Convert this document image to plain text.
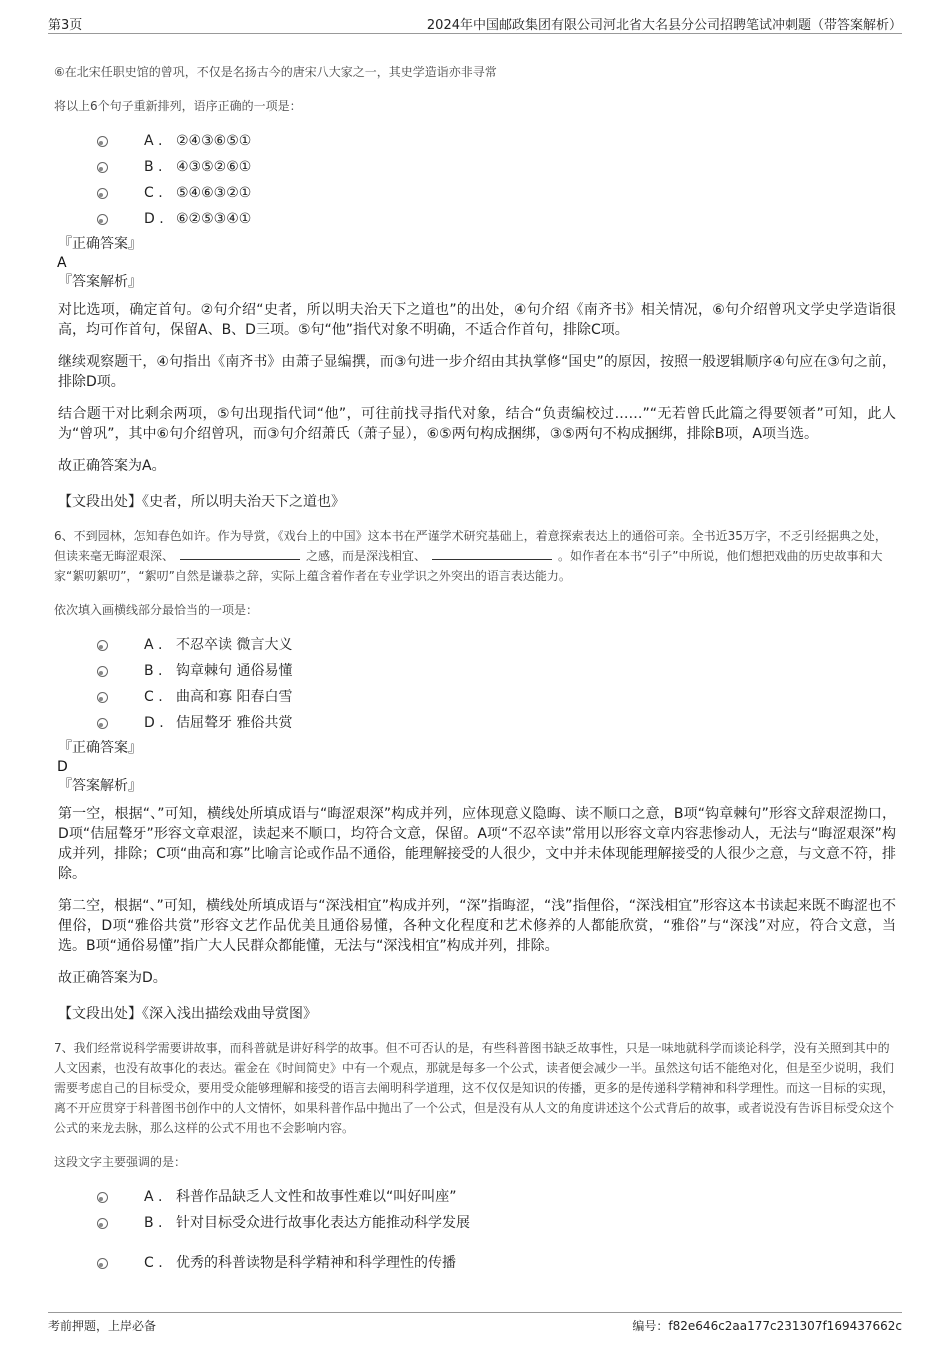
第3页	2024年中国邮政集团有限公司河北省大名县分公司招聘笔试冲刺题（带答案解析）
⑥在北宋任职史馆的曾巩，不仅是名扬古今的唐宋八大家之一，其史学造诣亦非寻常
将以上6个句子重新排列，语序正确的一项是：
A . ②④③⑥⑤①
B . ④③⑤②⑥①
C . ⑤④⑥③②①
D . ⑥②⑤③④①
『正确答案』
A
『答案解析』
对比选项，确定首句。②句介绍“史者，所以明夫治天下之道也”的出处，④句介绍《南齐书》相关情况，⑥句介绍曾巩文学史学造诣很高，均可作首句，保留A、B、D三项。⑤句“他”指代对象不明确，不适合作首句，排除C项。
继续观察题干，④句指出《南齐书》由萧子显编撰，而③句进一步介绍由其执掌修“国史”的原因，按照一般逻辑顺序④句应在③句之前，排除D项。
结合题干对比剩余两项，⑤句出现指代词“他”，可往前找寻指代对象，结合“负责编校过……”“无若曾氏此篇之得要领者”可知，此人为“曾巩”，其中⑥句介绍曾巩，而③句介绍萧氏（萧子显），⑥⑤两句构成捆绑，③⑤两句不构成捆绑，排除B项，A项当选。
故正确答案为A。
【文段出处】《史者，所以明夫治天下之道也》
6、不到园林，怎知春色如许。作为导赏，《戏台上的中国》这本书在严谨学术研究基础上，着意探索表达上的通俗可亲。全书近35万字，不乏引经据典之处，但读来毫无晦涩艰深、	之感，而是深浅相宜、	。如作者在本书“引子”中所说，他们想把戏曲的历史故事和大家“絮叨絮叨”，“絮叨”自然是谦恭之辞，实际上蕴含着作者在专业学识之外突出的语言表达能力。
依次填入画横线部分最恰当的一项是：
A . 不忍卒读 微言大义
B . 钩章棘句 通俗易懂
C . 曲高和寡 阳春白雪
D . 佶屈聱牙 雅俗共赏
『正确答案』
D
『答案解析』
第一空，根据“、”可知，横线处所填成语与“晦涩艰深”构成并列，应体现意义隐晦、读不顺口之意，B项“钩章棘句”形容文辞艰涩拗口，D项“佶屈聱牙”形容文章艰涩，读起来不顺口，均符合文意，保留。A项“不忍卒读”常用以形容文章内容悲惨动人，无法与“晦涩艰深”构成并列，排除；C项“曲高和寡”比喻言论或作品不通俗，能理解接受的人很少，文中并未体现能理解接受的人很少之意，与文意不符，排除。
第二空，根据“、”可知，横线处所填成语与“深浅相宜”构成并列，“深”指晦涩，“浅”指俚俗，“深浅相宜”形容这本书读起来既不晦涩也不俚俗，D项“雅俗共赏”形容文艺作品优美且通俗易懂，各种文化程度和艺术修养的人都能欣赏，“雅俗”与“深浅”对应，符合文意，当选。B项“通俗易懂”指广大人民群众都能懂，无法与“深浅相宜”构成并列，排除。
故正确答案为D。
【文段出处】《深入浅出描绘戏曲导赏图》
7、我们经常说科学需要讲故事，而科普就是讲好科学的故事。但不可否认的是，有些科普图书缺乏故事性，只是一味地就科学而谈论科学，没有关照到其中的人文因素，也没有故事化的表达。霍金在《时间简史》中有一个观点，那就是每多一个公式，读者便会减少一半。虽然这句话不能绝对化，但是至少说明，我们需要考虑自己的目标受众，要用受众能够理解和接受的语言去阐明科学道理，这不仅仅是知识的传播，更多的是传递科学精神和科学理性。而这一目标的实现，离不开应贯穿于科普图书创作中的人文情怀，如果科普作品中抛出了一个公式，但是没有从人文的角度讲述这个公式背后的故事，或者说没有告诉目标受众这个公式的来龙去脉，那么这样的公式不用也不会影响内容。
这段文字主要强调的是：
A . 科普作品缺乏人文性和故事性难以“叫好叫座”
B . 针对目标受众进行故事化表达方能推动科学发展
C . 优秀的科普读物是科学精神和科学理性的传播
考前押题，上岸必备	编号：f82e646c2aa177c231307f169437662c
